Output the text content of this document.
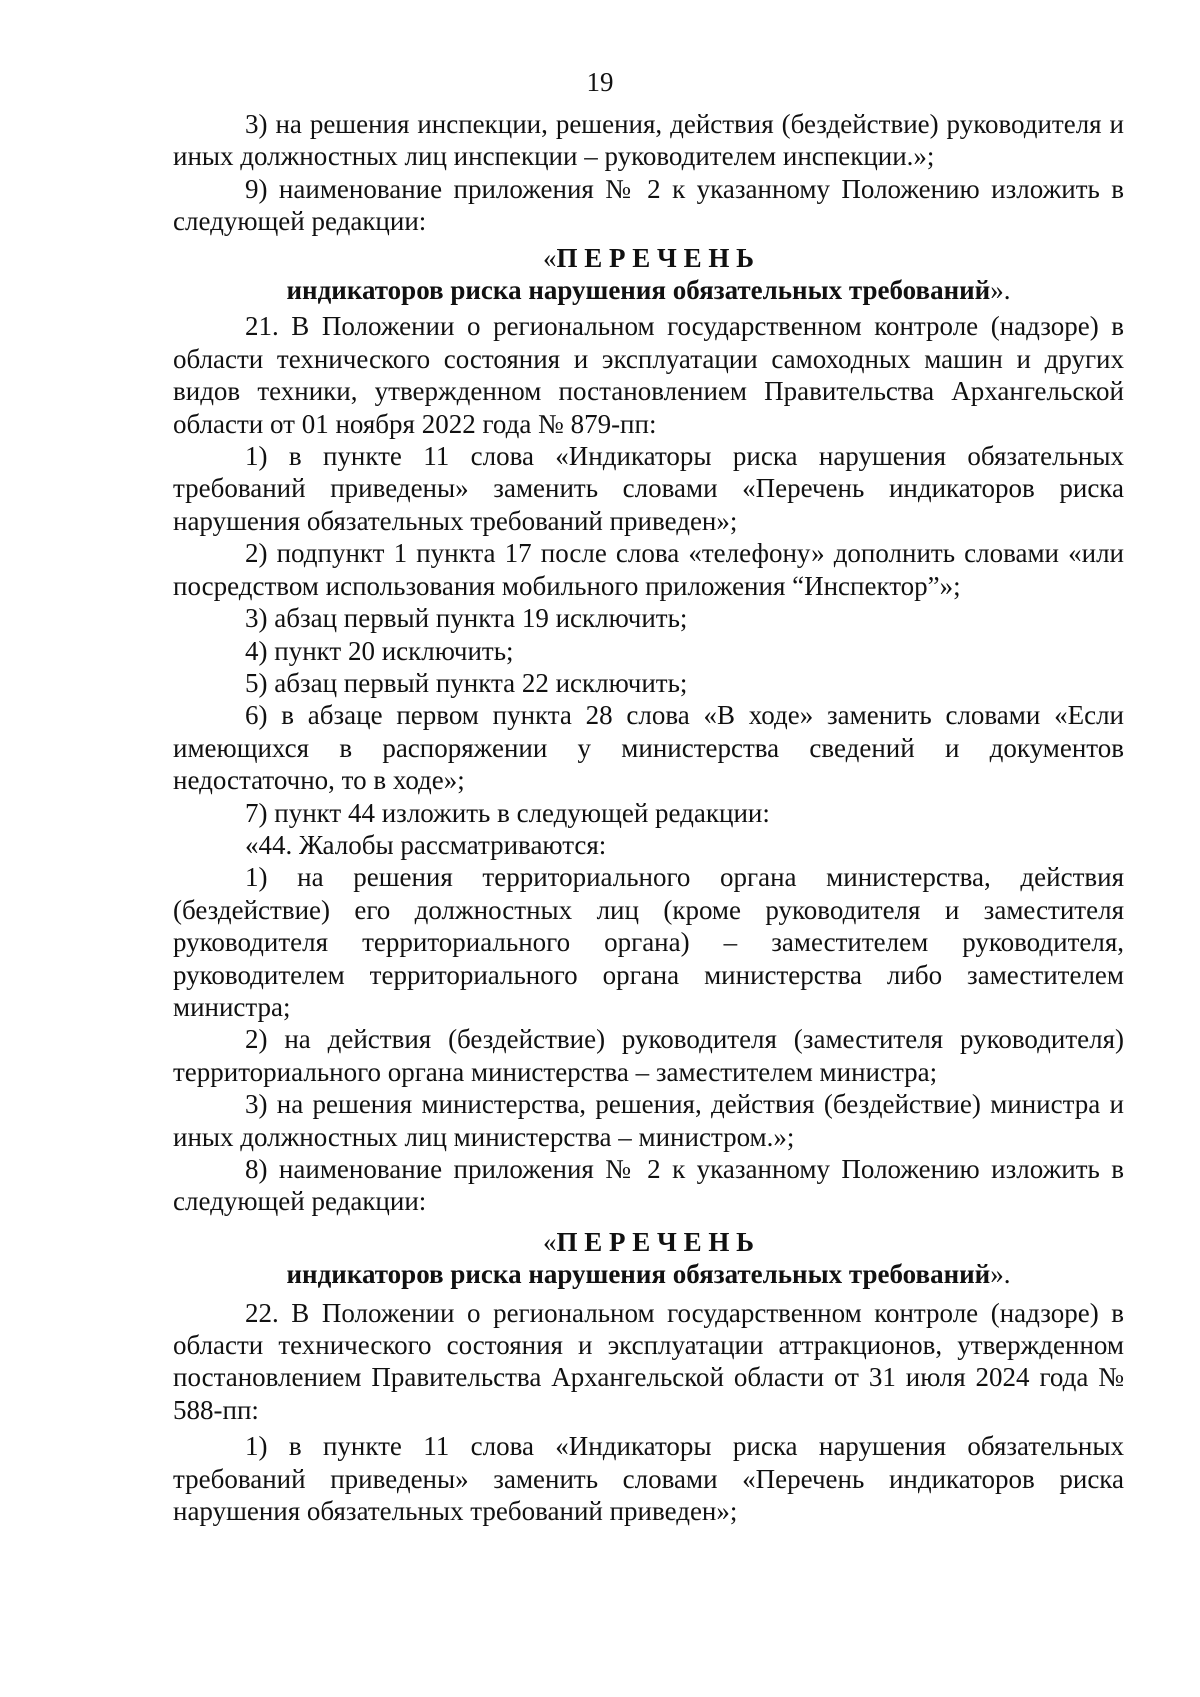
19

3) на решения инспекции, решения, действия (бездействие) руководителя и иных должностных лиц инспекции – руководителем инспекции.»;

9) наименование приложения № 2 к указанному Положению изложить в следующей редакции:

«П Е Р Е Ч Е Н Ь
индикаторов риска нарушения обязательных требований».

21. В Положении о региональном государственном контроле (надзоре) в области технического состояния и эксплуатации самоходных машин и других видов техники, утвержденном постановлением Правительства Архангельской области от 01 ноября 2022 года № 879-пп:

1) в пункте 11 слова «Индикаторы риска нарушения обязательных требований приведены» заменить словами «Перечень индикаторов риска нарушения обязательных требований приведен»;

2) подпункт 1 пункта 17 после слова «телефону» дополнить словами «или посредством использования мобильного приложения “Инспектор”»;

3) абзац первый пункта 19 исключить;

4) пункт 20 исключить;

5) абзац первый пункта 22 исключить;

6) в абзаце первом пункта 28 слова «В ходе» заменить словами «Если имеющихся в распоряжении у министерства сведений и документов недостаточно, то в ходе»;

7) пункт 44 изложить в следующей редакции:

«44. Жалобы рассматриваются:

1) на решения территориального органа министерства, действия (бездействие) его должностных лиц (кроме руководителя и заместителя руководителя территориального органа) – заместителем руководителя, руководителем территориального органа министерства либо заместителем министра;

2) на действия (бездействие) руководителя (заместителя руководителя) территориального органа министерства – заместителем министра;

3) на решения министерства, решения, действия (бездействие) министра и иных должностных лиц министерства – министром.»;

8) наименование приложения № 2 к указанному Положению изложить в следующей редакции:

«П Е Р Е Ч Е Н Ь
индикаторов риска нарушения обязательных требований».

22. В Положении о региональном государственном контроле (надзоре) в области технического состояния и эксплуатации аттракционов, утвержденном постановлением Правительства Архангельской области от 31 июля 2024 года № 588-пп:

1) в пункте 11 слова «Индикаторы риска нарушения обязательных требований приведены» заменить словами «Перечень индикаторов риска нарушения обязательных требований приведен»;
